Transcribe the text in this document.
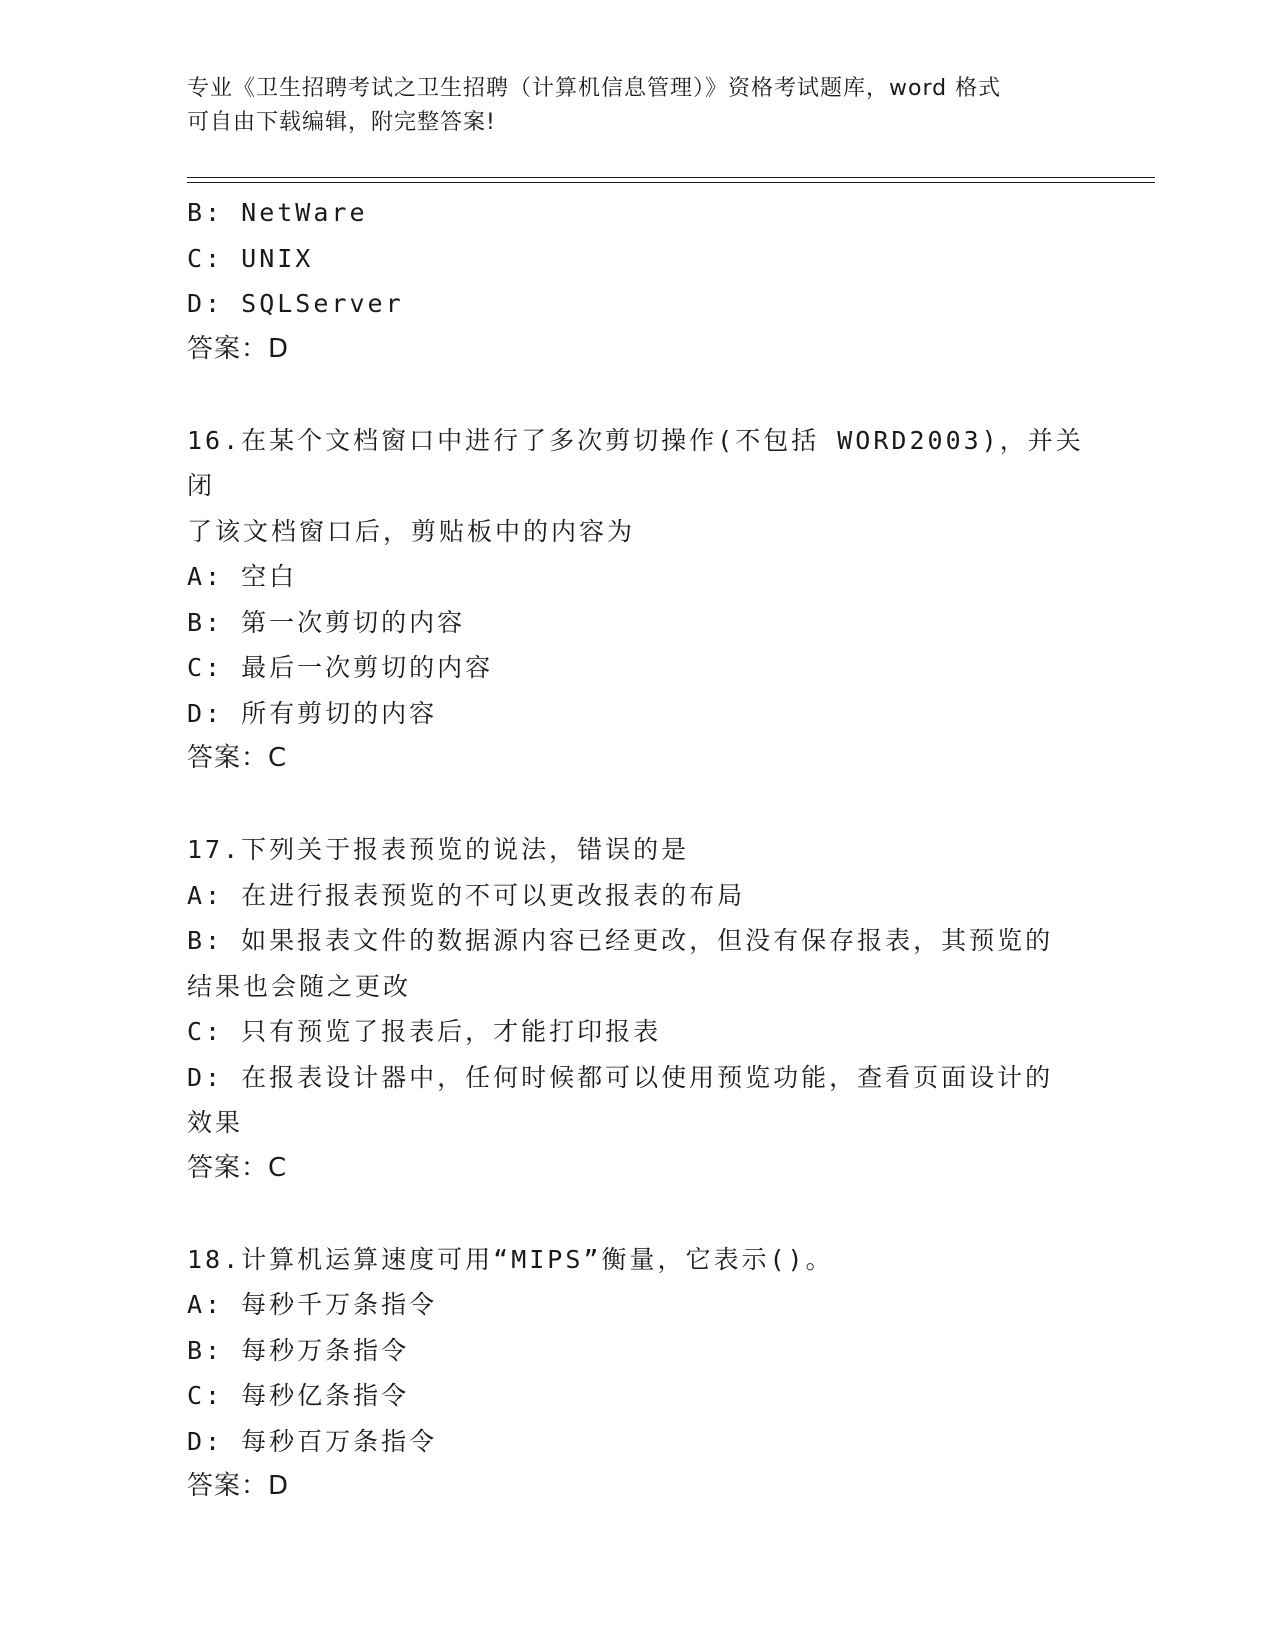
专业《卫生招聘考试之卫生招聘（计算机信息管理）》资格考试题库，word 格式
可自由下载编辑，附完整答案!
B: NetWare
C: UNIX
D: SQLServer
答案：D
16.在某个文档窗口中进行了多次剪切操作(不包括 WORD2003)，并关闭
了该文档窗口后，剪贴板中的内容为
A: 空白
B: 第一次剪切的内容
C: 最后一次剪切的内容
D: 所有剪切的内容
答案：C
17.下列关于报表预览的说法，错误的是
A: 在进行报表预览的不可以更改报表的布局
B: 如果报表文件的数据源内容已经更改，但没有保存报表，其预览的
结果也会随之更改
C: 只有预览了报表后，才能打印报表
D: 在报表设计器中，任何时候都可以使用预览功能，查看页面设计的
效果
答案：C
18.计算机运算速度可用“MIPS”衡量，它表示()。
A: 每秒千万条指令
B: 每秒万条指令
C: 每秒亿条指令
D: 每秒百万条指令
答案：D
